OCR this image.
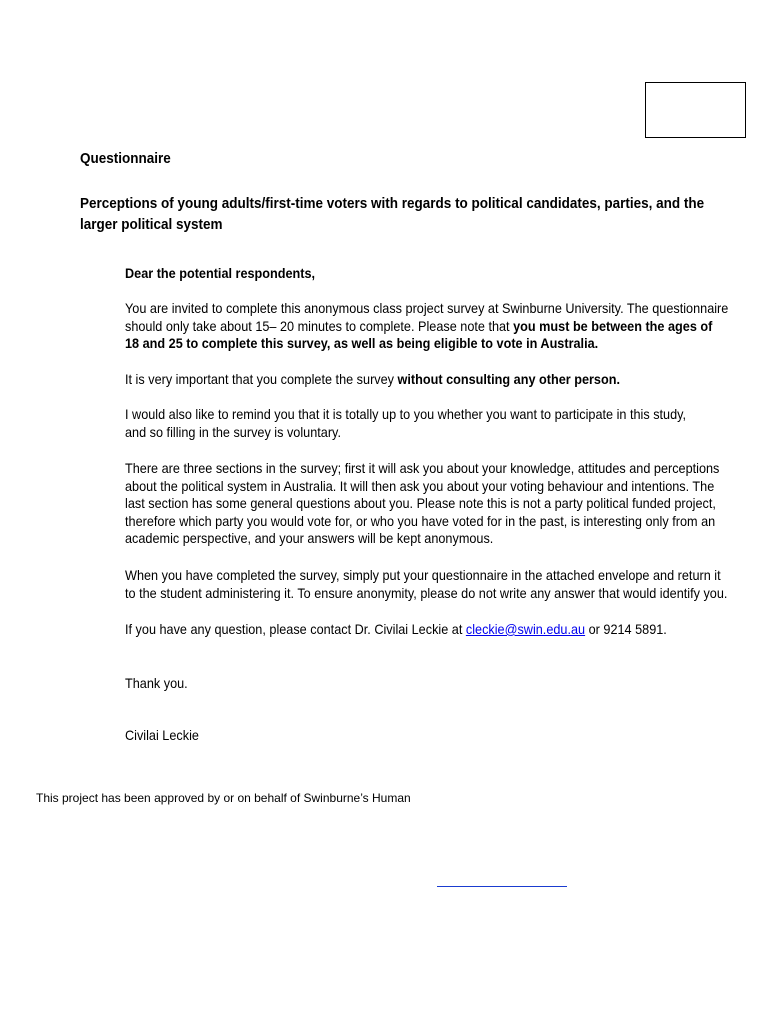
Questionnaire
Perceptions of young adults/first-time voters with regards to political candidates, parties, and the larger political system
Dear the potential respondents,
You are invited to complete this anonymous class project survey at Swinburne University. The questionnaire should only take about 15– 20 minutes to complete. Please note that you must be between the ages of 18 and 25 to complete this survey, as well as being eligible to vote in Australia.
It is very important that you complete the survey without consulting any other person.
I would also like to remind you that it is totally up to you whether you want to participate in this study,
and so filling in the survey is voluntary.
There are three sections in the survey; first it will ask you about your knowledge, attitudes and perceptions about the political system in Australia. It will then ask you about your voting behaviour and intentions. The last section has some general questions about you. Please note this is not a party political funded project, therefore which party you would vote for, or who you have voted for in the past, is interesting only from an academic perspective, and your answers will be kept anonymous.
When you have completed the survey, simply put your questionnaire in the attached envelope and return it to the student administering it. To ensure anonymity, please do not write any answer that would identify you.
If you have any question, please contact Dr. Civilai Leckie at cleckie@swin.edu.au or 9214 5891.
Thank you.
Civilai Leckie
This project has been approved by or on behalf of Swinburne’s Human
